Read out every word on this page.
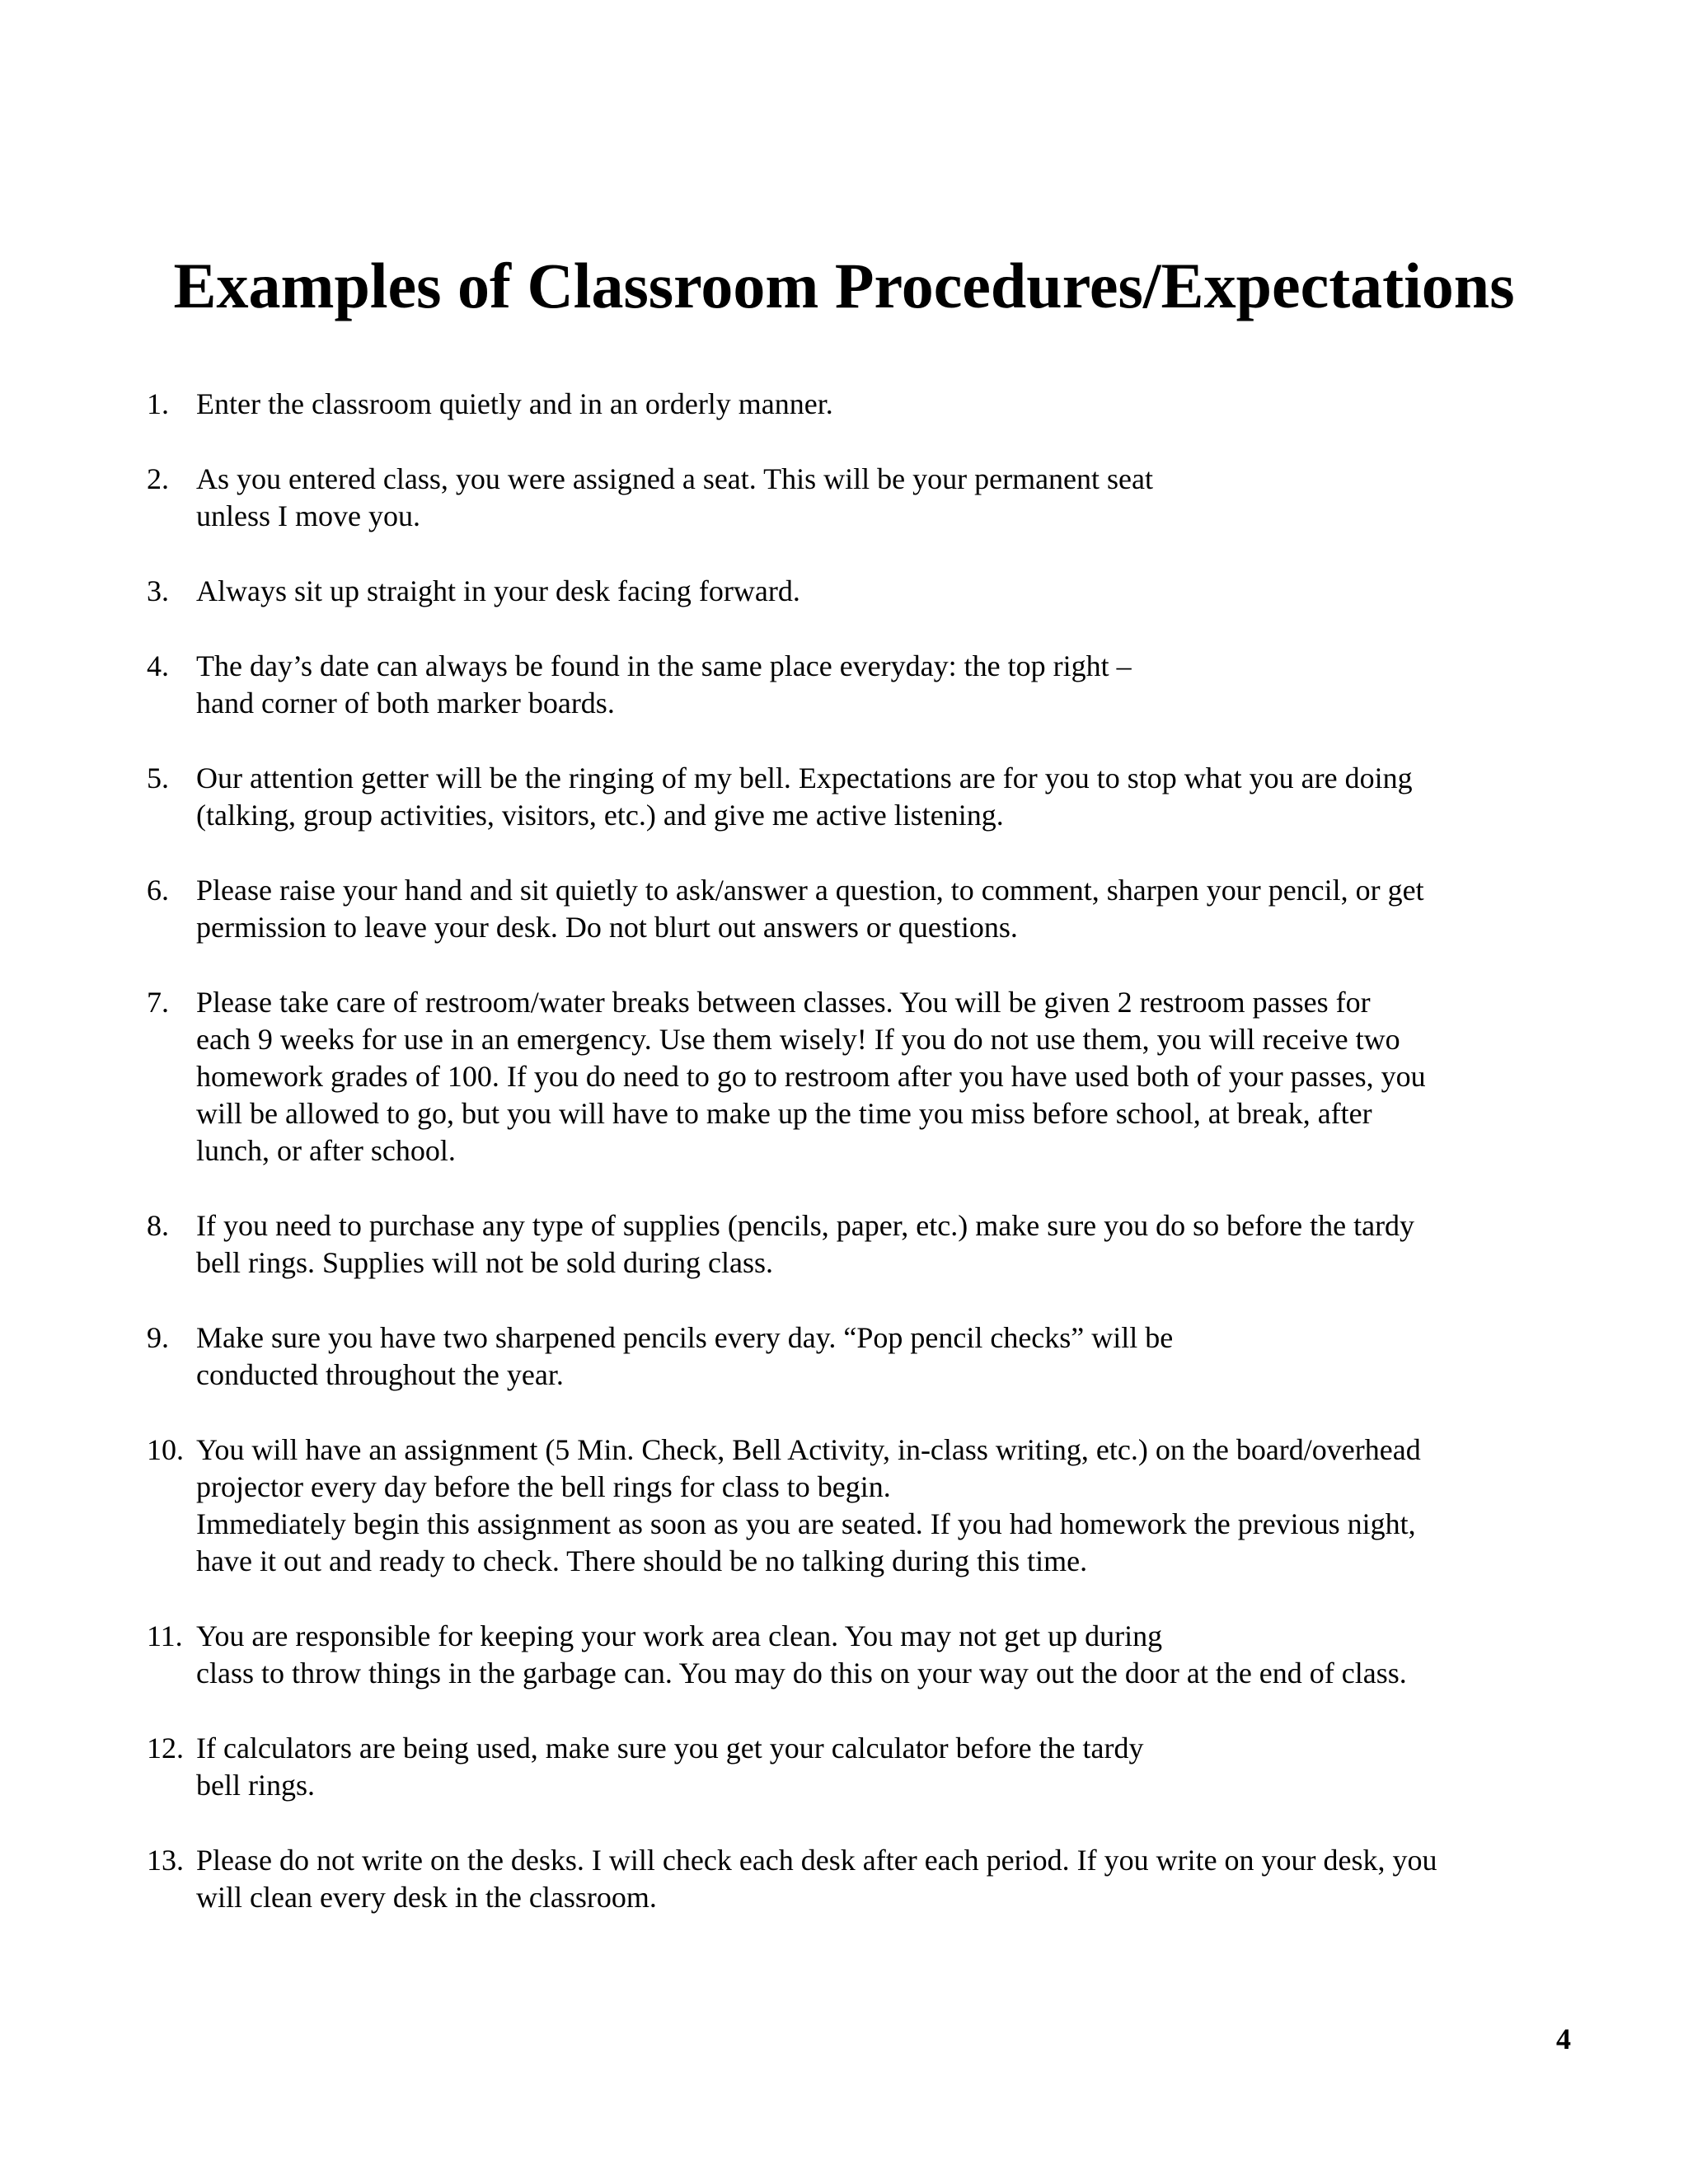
Examples of Classroom Procedures/Expectations
1. Enter the classroom quietly and in an orderly manner.
2. As you entered class, you were assigned a seat. This will be your permanent seat
unless I move you.
3. Always sit up straight in your desk facing forward.
4. The day’s date can always be found in the same place everyday: the top right –
hand corner of both marker boards.
5. Our attention getter will be the ringing of my bell. Expectations are for you to stop what you are doing
(talking, group activities, visitors, etc.) and give me active listening.
6. Please raise your hand and sit quietly to ask/answer a question, to comment, sharpen your pencil, or get
permission to leave your desk. Do not blurt out answers or questions.
7. Please take care of restroom/water breaks between classes. You will be given 2 restroom passes for
each 9 weeks for use in an emergency. Use them wisely! If you do not use them, you will receive two
homework grades of 100. If you do need to go to restroom after you have used both of your passes, you
will be allowed to go, but you will have to make up the time you miss before school, at break, after
lunch, or after school.
8. If you need to purchase any type of supplies (pencils, paper, etc.) make sure you do so before the tardy
bell rings. Supplies will not be sold during class.
9. Make sure you have two sharpened pencils every day. “Pop pencil checks” will be
conducted throughout the year.
10. You will have an assignment (5 Min. Check, Bell Activity, in-class writing, etc.) on the board/overhead
projector every day before the bell rings for class to begin.
Immediately begin this assignment as soon as you are seated. If you had homework the previous night,
have it out and ready to check. There should be no talking during this time.
11. You are responsible for keeping your work area clean. You may not get up during
class to throw things in the garbage can. You may do this on your way out the door at the end of class.
12. If calculators are being used, make sure you get your calculator before the tardy
bell rings.
13. Please do not write on the desks. I will check each desk after each period. If you write on your desk, you
will clean every desk in the classroom.
4
